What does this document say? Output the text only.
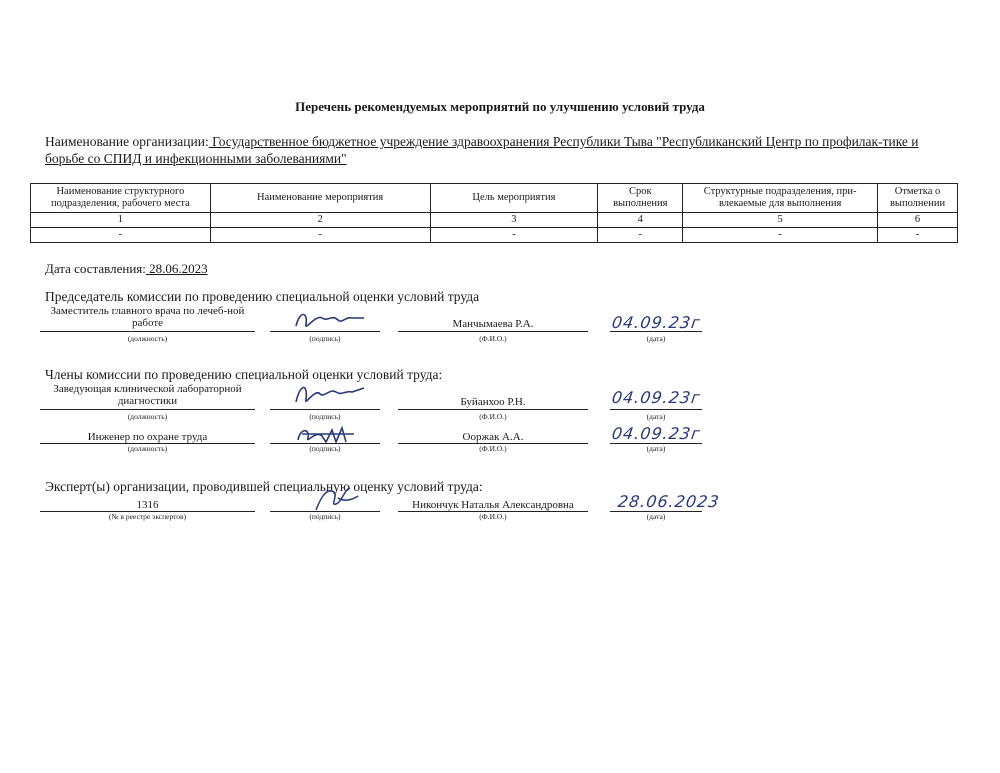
Перечень рекомендуемых мероприятий по улучшению условий труда
Наименование организации: Государственное бюджетное учреждение здравоохранения Республики Тыва "Республиканский Центр по профилак-тике и борьбе со СПИД и инфекционными заболеваниями"
Наименование структурного подразделения, рабочего места	Наименование мероприятия	Цель мероприятия	Срок выполнения	Структурные подразделения, при-влекаемые для выполнения	Отметка о выполнении
1	2	3	4	5	6
-	-	-	-	-	-
Дата составления: 28.06.2023
Председатель комиссии по проведению специальной оценки условий труда
Заместитель главного врача по лечеб-ной работе
(должность)	(подпись)
Манчымаева Р.А.
(Ф.И.О.)
04.09.23г
(дата)
Члены комиссии по проведению специальной оценки условий труда:
Заведующая клинической лабораторной диагностики
(должность)	(подпись)
Буйанхоо Р.Н.
(Ф.И.О.)
04.09.23г
(дата)
Инженер по охране труда
(должность)	(подпись)
Ооржак А.А.
(Ф.И.О.)
04.09.23г
(дата)
Эксперт(ы) организации, проводившей специальную оценку условий труда:
1316
(№ в реестре экспертов)	(подпись)
Никончук Наталья Александровна
(Ф.И.О.)
28.06.2023
(дата)
